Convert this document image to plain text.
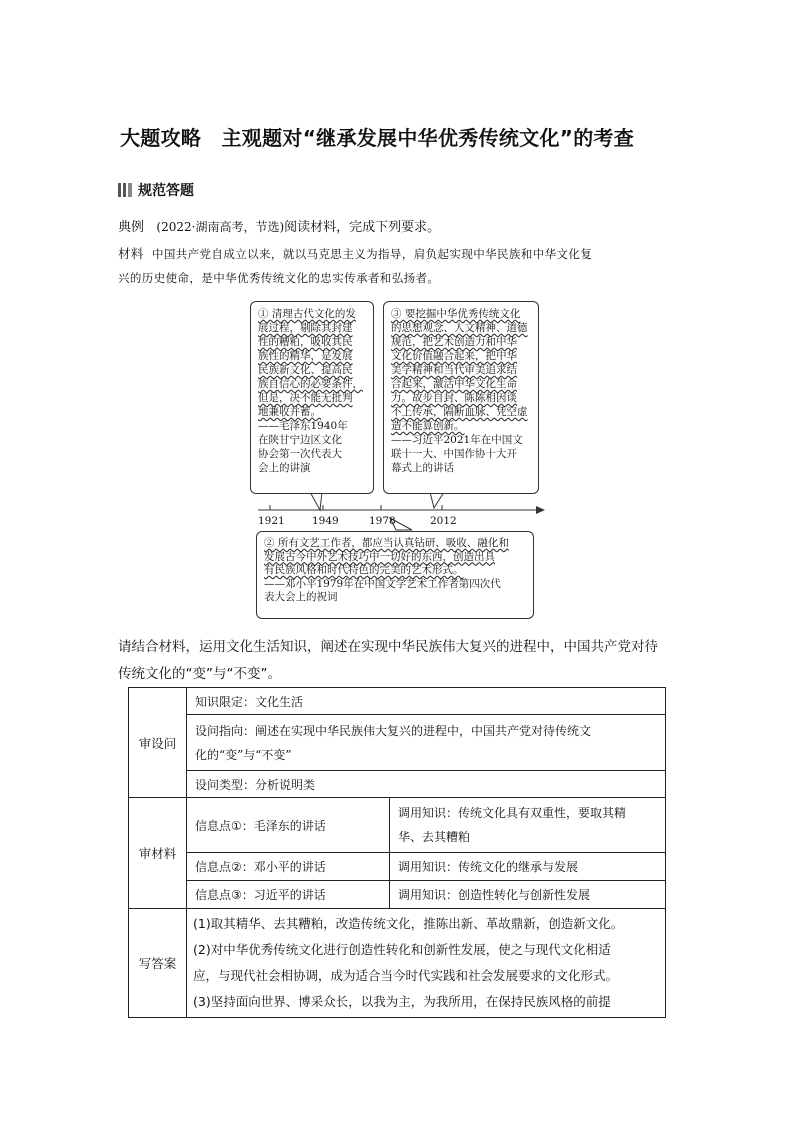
大题攻略　主观题对“继承发展中华优秀传统文化”的考查
规范答题
典例 (2022·湖南高考，节选)阅读材料，完成下列要求。
材料 中国共产党自成立以来，就以马克思主义为指导，肩负起实现中华民族和中华文化复
兴的历史使命，是中华优秀传统文化的忠实传承者和弘扬者。
1921	1949	1978	2012
① 清理古代文化的发
展过程，剔除其封建
性的糟粕，吸收其民
族性的精华，是发展
民族新文化、提高民
族自信心的必要条件，
但是，决不能无批判
地兼收并蓄。
——毛泽东1940年
在陕甘宁边区文化
协会第一次代表大
会上的讲演
③ 要挖掘中华优秀传统文化
的思想观念、人文精神、道德
规范，把艺术创造力和中华
文化价值融合起来，把中华
美学精神和当代审美追求结
合起来，激活中华文化生命
力。故步自封、陈陈相因谈
不上传承，隔断血脉、凭空虚
造不能算创新。
——习近平2021年在中国文
联十一大、中国作协十大开
幕式上的讲话
② 所有文艺工作者，都应当认真钻研、吸收、融化和
发展古今中外艺术技巧中一切好的东西，创造出具
有民族风格和时代特色的完美的艺术形式。
——邓小平1979年在中国文学艺术工作者第四次代
表大会上的祝词
请结合材料，运用文化生活知识，阐述在实现中华民族伟大复兴的进程中，中国共产党对待
传统文化的“变”与“不变”。
审设问	知识限定：文化生活	
	设问指向：阐述在实现中华民族伟大复兴的进程中，中国共产党对待传统文
化的“变”与“不变”	
	设问类型：分析说明类	
审材料	信息点①：毛泽东的讲话	调用知识：传统文化具有双重性，要取其精
华、去其糟粕
	信息点②：邓小平的讲话	调用知识：传统文化的继承与发展
	信息点③：习近平的讲话	调用知识：创造性转化与创新性发展
写答案	(1)取其精华、去其糟粕，改造传统文化，推陈出新、革故鼎新，创造新文化。
(2)对中华优秀传统文化进行创造性转化和创新性发展，使之与现代文化相适
应，与现代社会相协调，成为适合当今时代实践和社会发展要求的文化形式。
(3)坚持面向世界、博采众长，以我为主，为我所用，在保持民族风格的前提	
